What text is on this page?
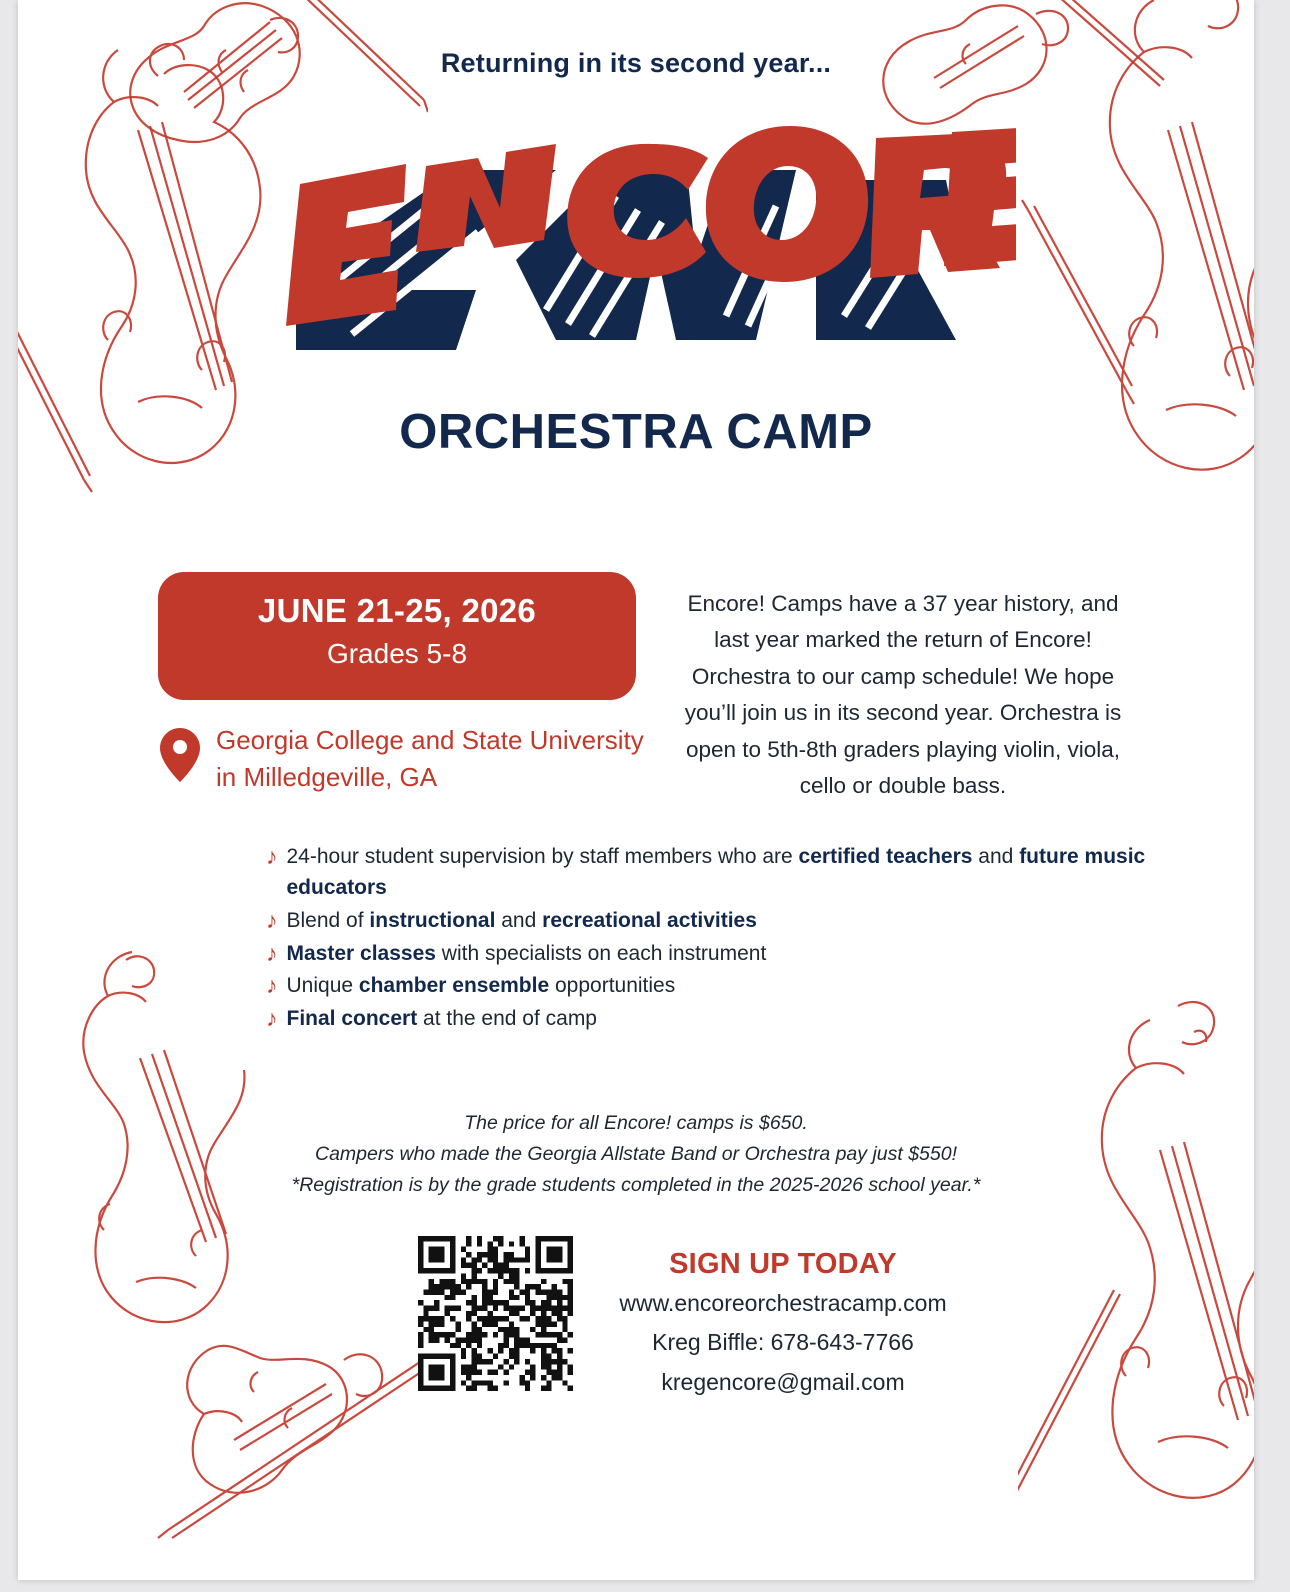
Returning in its second year...
ORCHESTRA CAMP
JUNE 21-25, 2026
Grades 5-8
Georgia College and State University in Milledgeville, GA
Encore! Camps have a 37 year history, and last year marked the return of Encore! Orchestra to our camp schedule! We hope you’ll join us in its second year. Orchestra is open to 5th-8th graders playing violin, viola, cello or double bass.
♪ 24-hour student supervision by staff members who are certified teachers and future music educators
♪ Blend of instructional and recreational activities
♪ Master classes with specialists on each instrument
♪ Unique chamber ensemble opportunities
♪ Final concert at the end of camp
The price for all Encore! camps is $650.
Campers who made the Georgia Allstate Band or Orchestra pay just $550!
*Registration is by the grade students completed in the 2025-2026 school year.*
SIGN UP TODAY
www.encoreorchestracamp.com
Kreg Biffle: 678-643-7766
kregencore@gmail.com
